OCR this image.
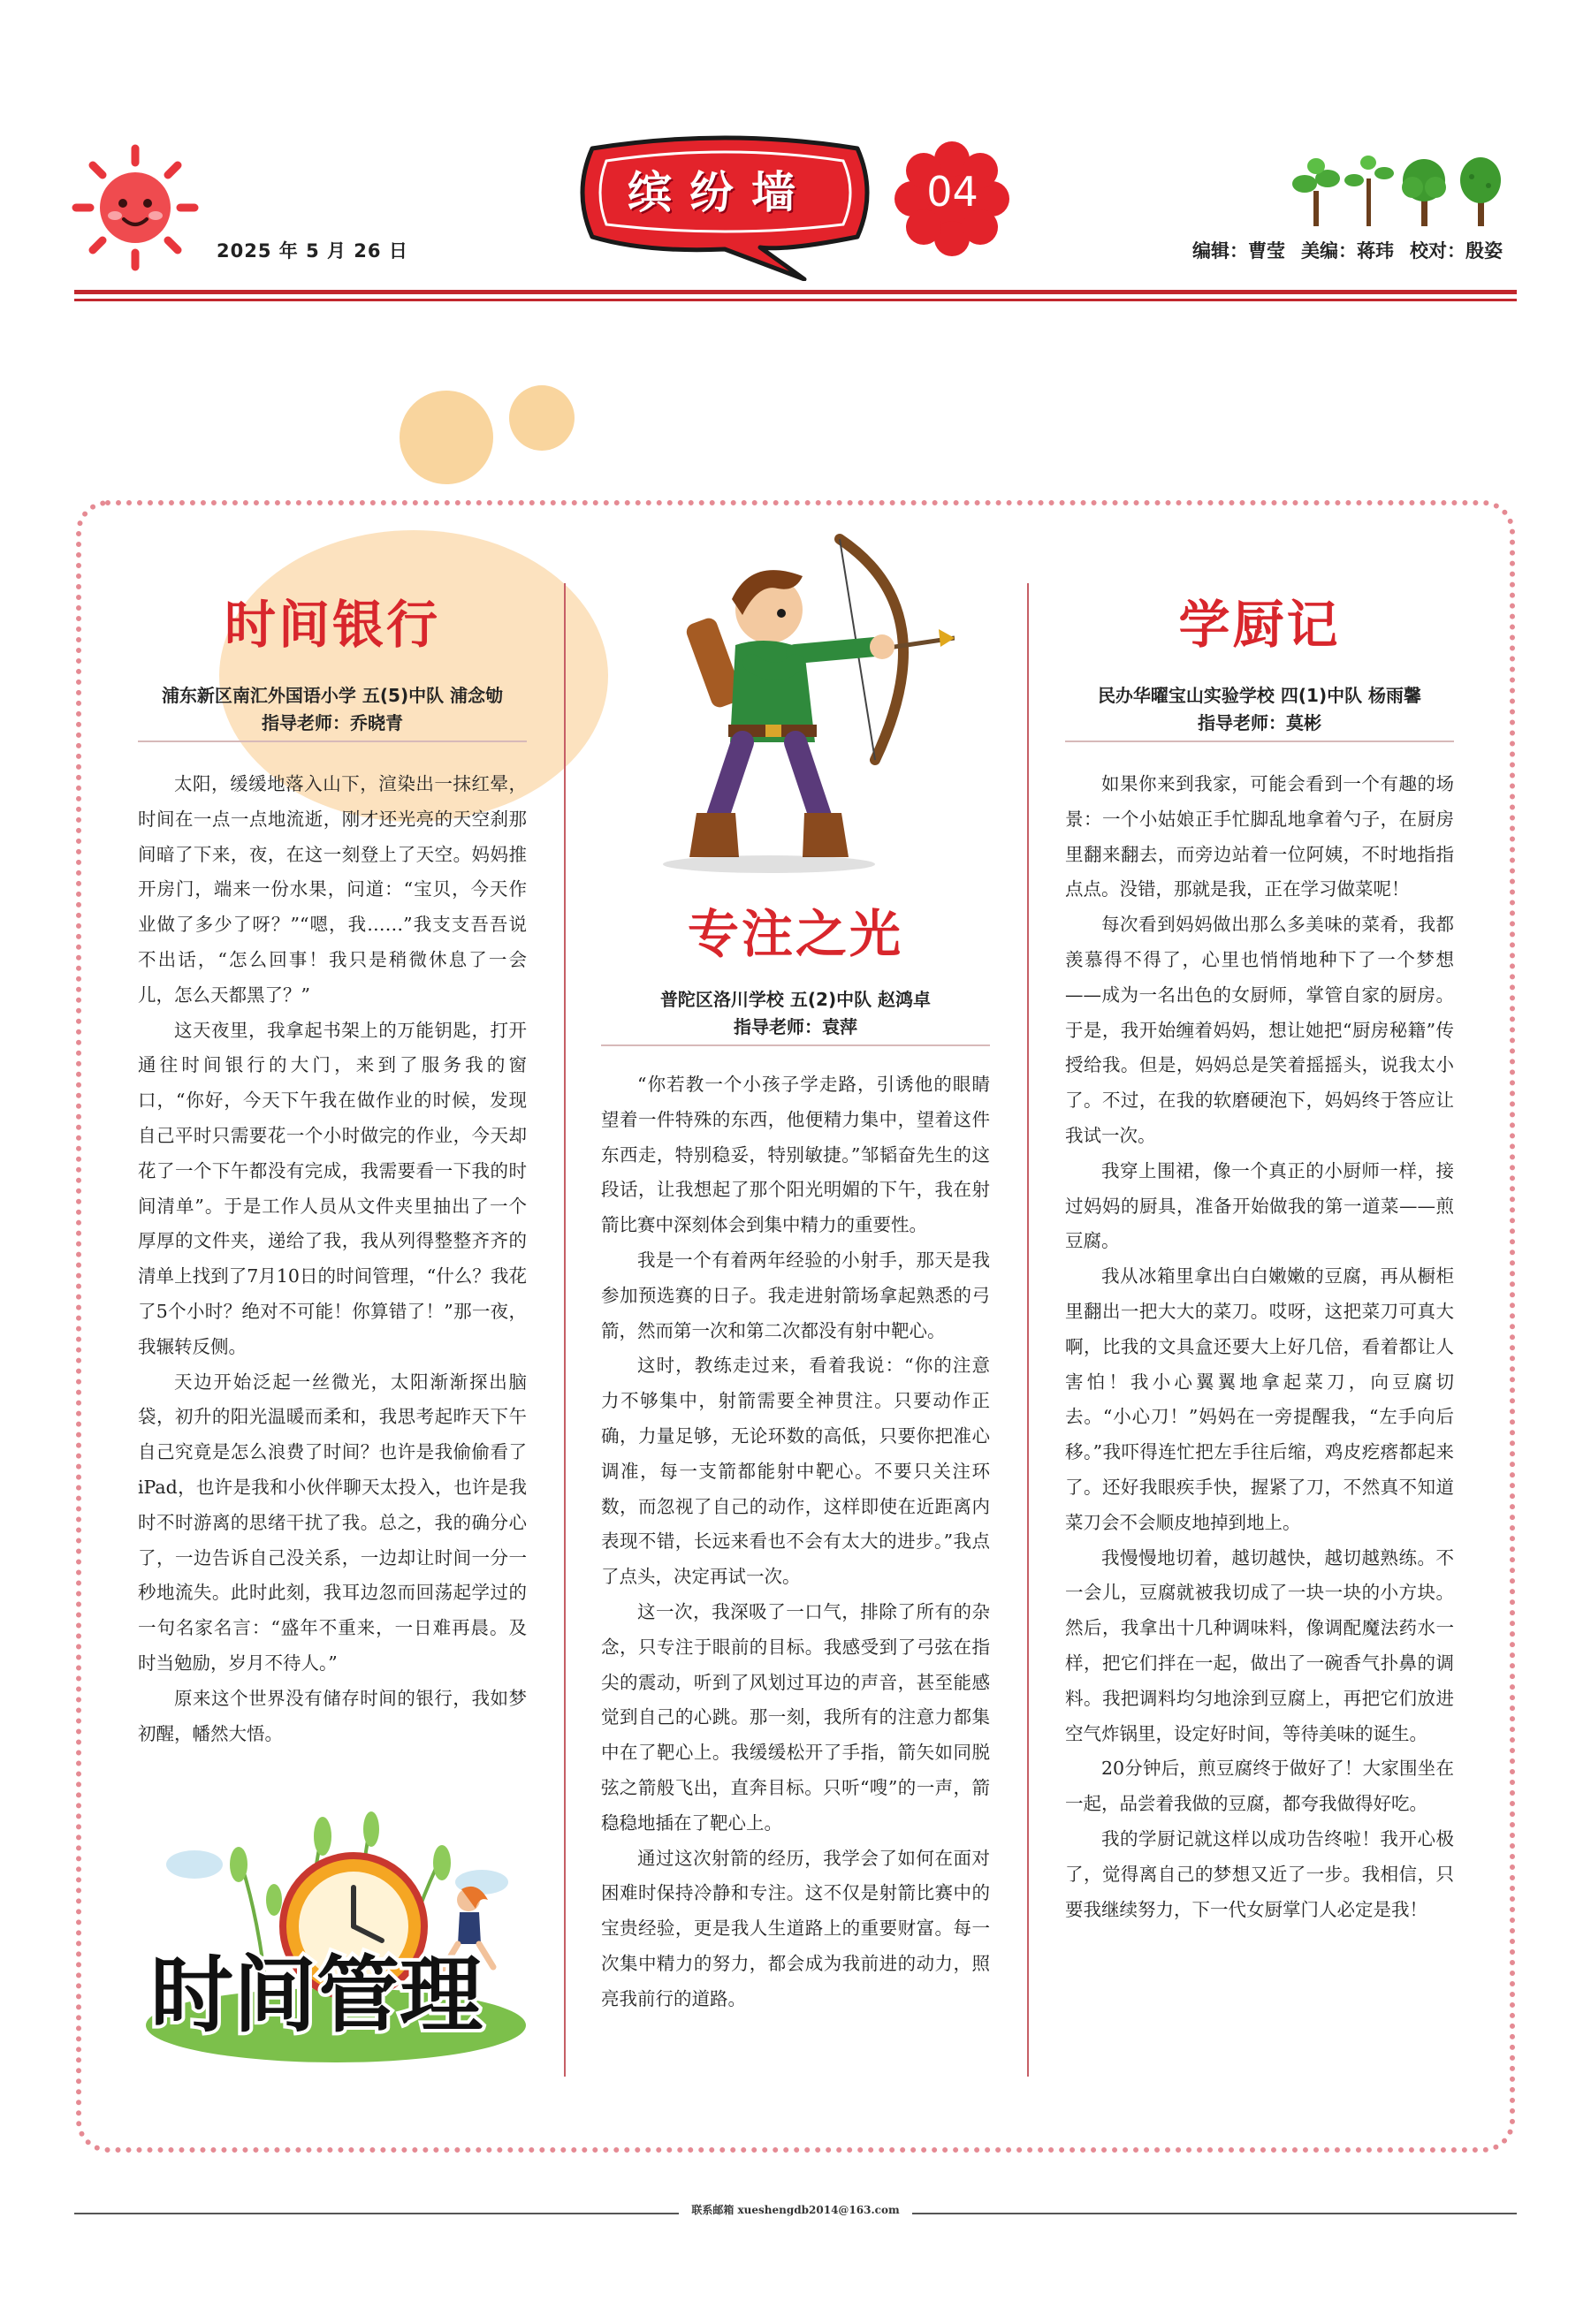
2025 年 5 月 26 日
缤纷墙	04
编辑：曹莹 美编：蒋玮 校对：殷姿
时间银行
浦东新区南汇外国语小学 五(5)中队 浦念劬
指导老师：乔晓青

太阳，缓缓地落入山下，渲染出一抹红晕，时间在一点一点地流逝，刚才还光亮的天空刹那间暗了下来，夜，在这一刻登上了天空。妈妈推开房门，端来一份水果，问道：“宝贝，今天作业做了多少了呀？”“嗯，我……”我支支吾吾说不出话，“怎么回事！我只是稍微休息了一会儿，怎么天都黑了？”

这天夜里，我拿起书架上的万能钥匙，打开通往时间银行的大门，来到了服务我的窗口，“你好，今天下午我在做作业的时候，发现自己平时只需要花一个小时做完的作业，今天却花了一个下午都没有完成，我需要看一下我的时间清单”。于是工作人员从文件夹里抽出了一个厚厚的文件夹，递给了我，我从列得整整齐齐的清单上找到了7月10日的时间管理，“什么？我花了5个小时？绝对不可能！你算错了！”那一夜，我辗转反侧。

天边开始泛起一丝微光，太阳渐渐探出脑袋，初升的阳光温暖而柔和，我思考起昨天下午自己究竟是怎么浪费了时间？也许是我偷偷看了iPad，也许是我和小伙伴聊天太投入，也许是我时不时游离的思绪干扰了我。总之，我的确分心了，一边告诉自己没关系，一边却让时间一分一秒地流失。此时此刻，我耳边忽而回荡起学过的一句名家名言：“盛年不重来，一日难再晨。及时当勉励，岁月不待人。”

原来这个世界没有储存时间的银行，我如梦初醒，幡然大悟。

时间管理
专注之光
普陀区洛川学校 五(2)中队 赵鸿卓
指导老师：袁萍

“你若教一个小孩子学走路，引诱他的眼睛望着一件特殊的东西，他便精力集中，望着这件东西走，特别稳妥，特别敏捷。”邹韬奋先生的这段话，让我想起了那个阳光明媚的下午，我在射箭比赛中深刻体会到集中精力的重要性。

我是一个有着两年经验的小射手，那天是我参加预选赛的日子。我走进射箭场拿起熟悉的弓箭，然而第一次和第二次都没有射中靶心。

这时，教练走过来，看着我说：“你的注意力不够集中，射箭需要全神贯注。只要动作正确，力量足够，无论环数的高低，只要你把准心调准，每一支箭都能射中靶心。不要只关注环数，而忽视了自己的动作，这样即使在近距离内表现不错，长远来看也不会有太大的进步。”我点了点头，决定再试一次。

这一次，我深吸了一口气，排除了所有的杂念，只专注于眼前的目标。我感受到了弓弦在指尖的震动，听到了风划过耳边的声音，甚至能感觉到自己的心跳。那一刻，我所有的注意力都集中在了靶心上。我缓缓松开了手指，箭矢如同脱弦之箭般飞出，直奔目标。只听“嗖”的一声，箭稳稳地插在了靶心上。

通过这次射箭的经历，我学会了如何在面对困难时保持冷静和专注。这不仅是射箭比赛中的宝贵经验，更是我人生道路上的重要财富。每一次集中精力的努力，都会成为我前进的动力，照亮我前行的道路。

学厨记
民办华曜宝山实验学校 四(1)中队 杨雨馨
指导老师：莫彬

如果你来到我家，可能会看到一个有趣的场景：一个小姑娘正手忙脚乱地拿着勺子，在厨房里翻来翻去，而旁边站着一位阿姨，不时地指指点点。没错，那就是我，正在学习做菜呢！

每次看到妈妈做出那么多美味的菜肴，我都羡慕得不得了，心里也悄悄地种下了一个梦想——成为一名出色的女厨师，掌管自家的厨房。于是，我开始缠着妈妈，想让她把“厨房秘籍”传授给我。但是，妈妈总是笑着摇摇头，说我太小了。不过，在我的软磨硬泡下，妈妈终于答应让我试一次。

我穿上围裙，像一个真正的小厨师一样，接过妈妈的厨具，准备开始做我的第一道菜——煎豆腐。

我从冰箱里拿出白白嫩嫩的豆腐，再从橱柜里翻出一把大大的菜刀。哎呀，这把菜刀可真大啊，比我的文具盒还要大上好几倍，看着都让人害怕！我小心翼翼地拿起菜刀，向豆腐切去。“小心刀！”妈妈在一旁提醒我，“左手向后移。”我吓得连忙把左手往后缩，鸡皮疙瘩都起来了。还好我眼疾手快，握紧了刀，不然真不知道菜刀会不会顺皮地掉到地上。

我慢慢地切着，越切越快，越切越熟练。不一会儿，豆腐就被我切成了一块一块的小方块。然后，我拿出十几种调味料，像调配魔法药水一样，把它们拌在一起，做出了一碗香气扑鼻的调料。我把调料均匀地涂到豆腐上，再把它们放进空气炸锅里，设定好时间，等待美味的诞生。

20分钟后，煎豆腐终于做好了！大家围坐在一起，品尝着我做的豆腐，都夸我做得好吃。

我的学厨记就这样以成功告终啦！我开心极了，觉得离自己的梦想又近了一步。我相信，只要我继续努力，下一代女厨掌门人必定是我！

联系邮箱 xueshengdb2014@163.com
